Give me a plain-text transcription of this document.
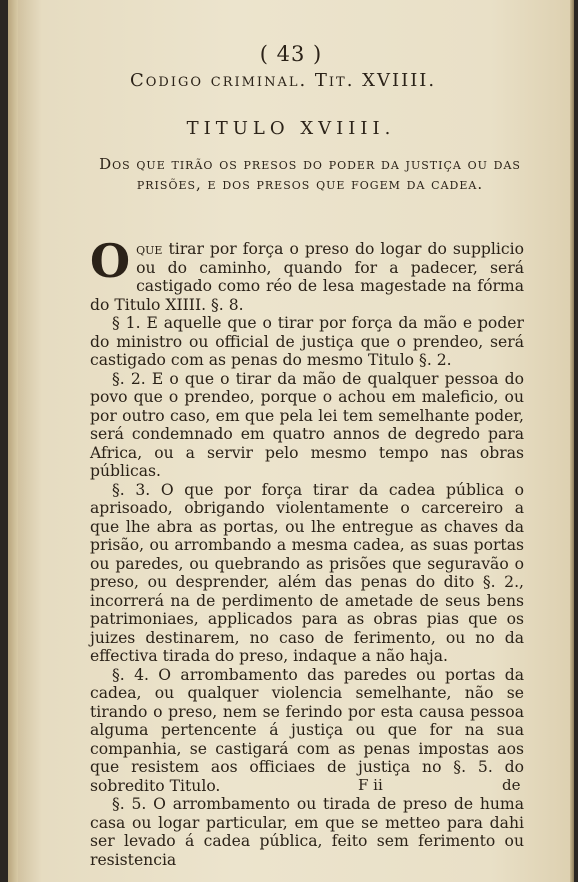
( 43 )
Codigo criminal. Tit. XVIIII.
TITULO XVIIII.
Dos que tirão os presos do poder da justiça ou das prisões, e dos presos que fogem da cadea.

Oque tirar por força o preso do logar do supplicio ou do caminho, quando for a padecer, será castigado como réo de lesa magestade na fórma do Titulo XIIII. §. 8.

§ 1. E aquelle que o tirar por força da mão e poder do ministro ou official de justiça que o prendeo, será castigado com as penas do mesmo Titulo §. 2.

§. 2. E o que o tirar da mão de qualquer pessoa do povo que o prendeo, porque o achou em maleficio, ou por outro caso, em que pela lei tem semelhante poder, será condemnado em quatro annos de degredo para Africa, ou a servir pelo mesmo tempo nas obras públicas.

§. 3. O que por força tirar da cadea pública o aprisoado, obrigando violentamente o carcereiro a que lhe abra as portas, ou lhe entregue as chaves da prisão, ou arrombando a mesma cadea, as suas portas ou paredes, ou quebrando as prisões que seguravão o preso, ou desprender, além das penas do dito §. 2., incorrerá na de perdimento de ametade de seus bens patrimoniaes, applicados para as obras pias que os juizes destinarem, no caso de ferimento, ou no da effectiva tirada do preso, indaque a não haja.

§. 4. O arrombamento das paredes ou portas da cadea, ou qualquer violencia semelhante, não se tirando o preso, nem se ferindo por esta causa pessoa alguma pertencente á justiça ou que for na sua companhia, se castigará com as penas impostas aos que resistem aos officiaes de justiça no §. 5. do sobredito Titulo.

§. 5. O arrombamento ou tirada de preso de huma casa ou logar particular, em que se metteo para dahi ser levado á cadea pública, feito sem ferimento ou resistencia

F ii	de
